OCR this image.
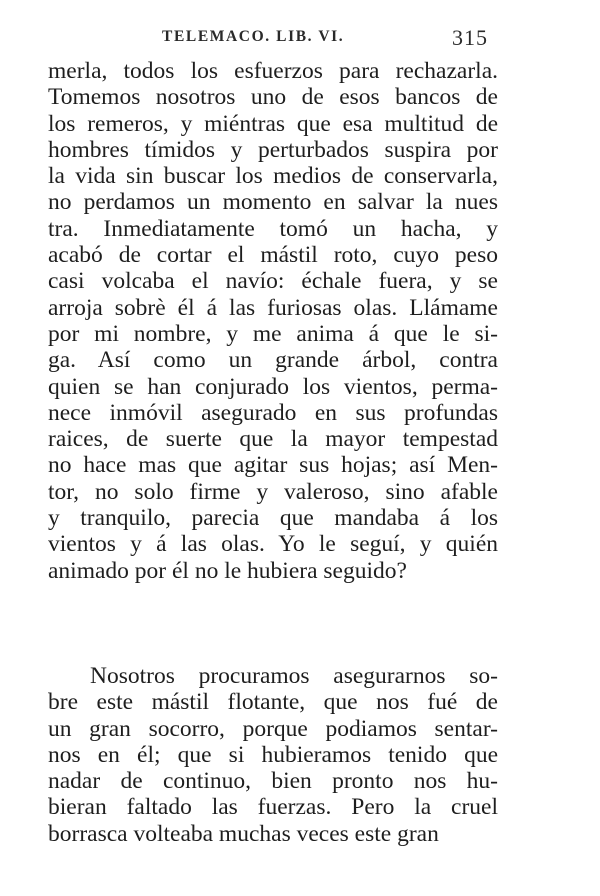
TELEMACO. LIB. VI.	315
merla, todos los esfuerzos para rechazarla.
Tomemos nosotros uno de esos bancos de
los remeros, y miéntras que esa multitud de
hombres tímidos y perturbados suspira por
la vida sin buscar los medios de conservarla,
no perdamos un momento en salvar la nues
tra. Inmediatamente tomó un hacha, y
acabó de cortar el mástil roto, cuyo peso
casi volcaba el navío: échale fuera, y se
arroja sobrè él á las furiosas olas. Llámame
por mi nombre, y me anima á que le si-
ga. Así como un grande árbol, contra
quien se han conjurado los vientos, perma-
nece inmóvil asegurado en sus profundas
raices, de suerte que la mayor tempestad
no hace mas que agitar sus hojas; así Men-
tor, no solo firme y valeroso, sino afable
y tranquilo, parecia que mandaba á los
vientos y á las olas. Yo le seguí, y quién
animado por él no le hubiera seguido?
Nosotros procuramos asegurarnos so-
bre este mástil flotante, que nos fué de
un gran socorro, porque podiamos sentar-
nos en él; que si hubieramos tenido que
nadar de continuo, bien pronto nos hu-
bieran faltado las fuerzas. Pero la cruel
borrasca volteaba muchas veces este gran
